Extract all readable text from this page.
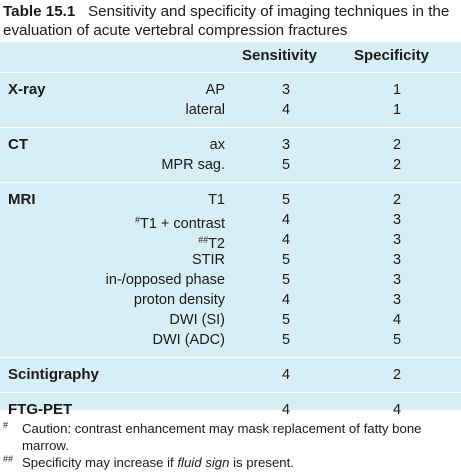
Table 15.1 Sensitivity and specificity of imaging techniques in the evaluation of acute vertebral compression fractures
Sensitivity Specificity
X-ray	AP	3	1
lateral	4	1
CT	ax	3	2
MPR sag.	5	2
MRI	T1	5	2
#T1 + contrast	4	3
##T2	4	3
STIR	5	3
in-/opposed phase	5	3
proton density	4	3
DWI (SI)	5	4
DWI (ADC)	5	5
Scintigraphy	4	2
FTG-PET	4	4
# Caution: contrast enhancement may mask replacement of fatty bone marrow.
## Specificity may increase if fluid sign is present.
